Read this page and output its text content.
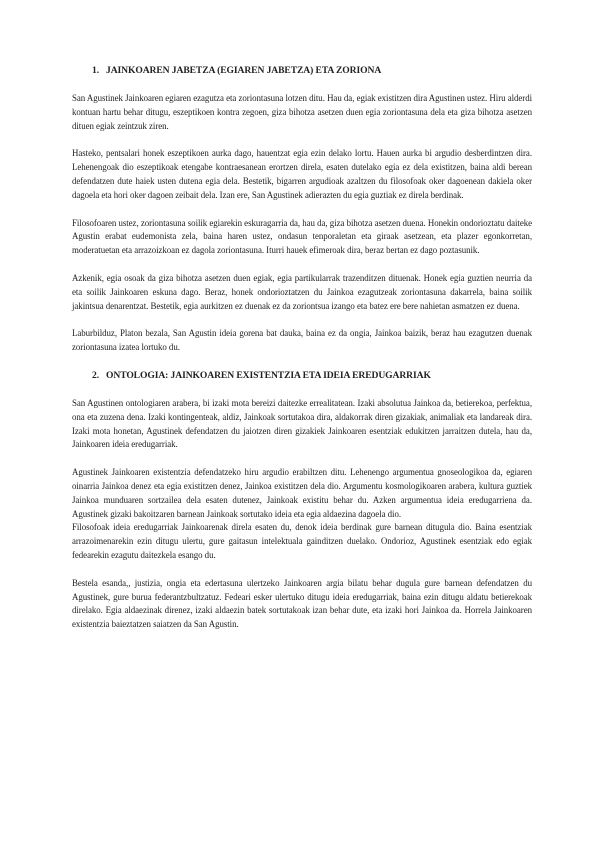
1. JAINKOAREN JABETZA (EGIAREN JABETZA) ETA ZORIONA

San Agustinek Jainkoaren egiaren ezagutza eta zoriontasuna lotzen ditu. Hau da, egiak existitzen dira Agustinen ustez. Hiru alderdi kontuan hartu behar ditugu, eszeptikoen kontra zegoen, giza bihotza asetzen duen egia zoriontasuna dela eta giza bihotza asetzen dituen egiak zeintzuk ziren.

Hasteko, pentsalari honek eszeptikoen aurka dago, hauentzat egia ezin delako lortu. Hauen aurka bi argudio desberdintzen dira. Lehenengoak dio eszeptikoak etengabe kontraesanean erortzen direla, esaten dutelako egia ez dela existitzen, baina aldi berean defendatzen dute haiek usten dutena egia dela. Bestetik, bigarren argudioak azaltzen du filosofoak oker dagoenean dakiela oker dagoela eta hori oker dagoen zeibait dela. Izan ere, San Agustinek adierazten du egia guztiak ez direla berdinak.

Filosofoaren ustez, zoriontasuna soilik egiarekin eskuragarria da, hau da, giza bihotza asetzen duena. Honekin ondorioztatu daiteke Agustin erabat eudemonista zela, baina haren ustez, ondasun tenporaletan eta giraak asetzean, eta plazer egonkorretan, moderatuetan eta arrazoizkoan ez dagola zoriontasuna. Iturri hauek efimeroak dira, beraz bertan ez dago poztasunik.

Azkenik, egia osoak da giza bihotza asetzen duen egiak, egia partikularrak trazenditzen dituenak. Honek egia guztien neurria da eta soilik Jainkoaren eskuna dago. Beraz, honek ondorioztatzen du Jainkoa ezagutzeak zoriontasuna dakarrela, baina soilik jakintsua denarentzat. Bestetik, egia aurkitzen ez duenak ez da zoriontsua izango eta batez ere bere nahietan asmatzen ez duena.

Laburbilduz, Platon bezala, San Agustin ideia gorena bat dauka, baina ez da ongia, Jainkoa baizik, beraz hau ezagutzen duenak zoriontasuna izatea lortuko du.

2. ONTOLOGIA: JAINKOAREN EXISTENTZIA ETA IDEIA EREDUGARRIAK

San Agustinen ontologiaren arabera, bi izaki mota bereizi daitezke errealitatean. Izaki absolutua Jainkoa da, betierekoa, perfektua, ona eta zuzena dena. Izaki kontingenteak, aldiz, Jainkoak sortutakoa dira, aldakorrak diren gizakiak, animaliak eta landareak dira. Izaki mota honetan, Agustinek defendatzen du jaiotzen diren gizakiek Jainkoaren esentziak edukitzen jarraitzen dutela, hau da, Jainkoaren ideia eredugarriak.

Agustinek Jainkoaren existentzia defendatzeko hiru argudio erabiltzen ditu. Lehenengo argumentua gnoseologikoa da, egiaren oinarria Jainkoa denez eta egia existitzen denez, Jainkoa existitzen dela dio. Argumentu kosmologikoaren arabera, kultura guztiek Jainkoa munduaren sortzailea dela esaten dutenez, Jainkoak existitu behar du. Azken argumentua ideia eredugarriena da. Agustinek gizaki bakoitzaren barnean Jainkoak sortutako ideia eta egia aldaezina dagoela dio.

Filosofoak ideia eredugarriak Jainkoarenak direla esaten du, denok ideia berdinak gure barnean ditugula dio. Baina esentziak arrazoimenarekin ezin ditugu ulertu, gure gaitasun intelektuala gainditzen duelako. Ondorioz, Agustinek esentziak edo egiak fedearekin ezagutu daitezkela esango du.

Bestela esanda,, justizia, ongia eta edertasuna ulertzeko Jainkoaren argia bilatu behar dugula gure barnean defendatzen du Agustinek, gure burua federantzbultzatuz. Fedeari esker ulertuko ditugu ideia eredugarriak, baina ezin ditugu aldatu betierekoak direlako. Egia aldaezinak direnez, izaki aldaezin batek sortutakoak izan behar dute, eta izaki hori Jainkoa da. Horrela Jainkoaren existentzia baieztatzen saiatzen da San Agustin.
